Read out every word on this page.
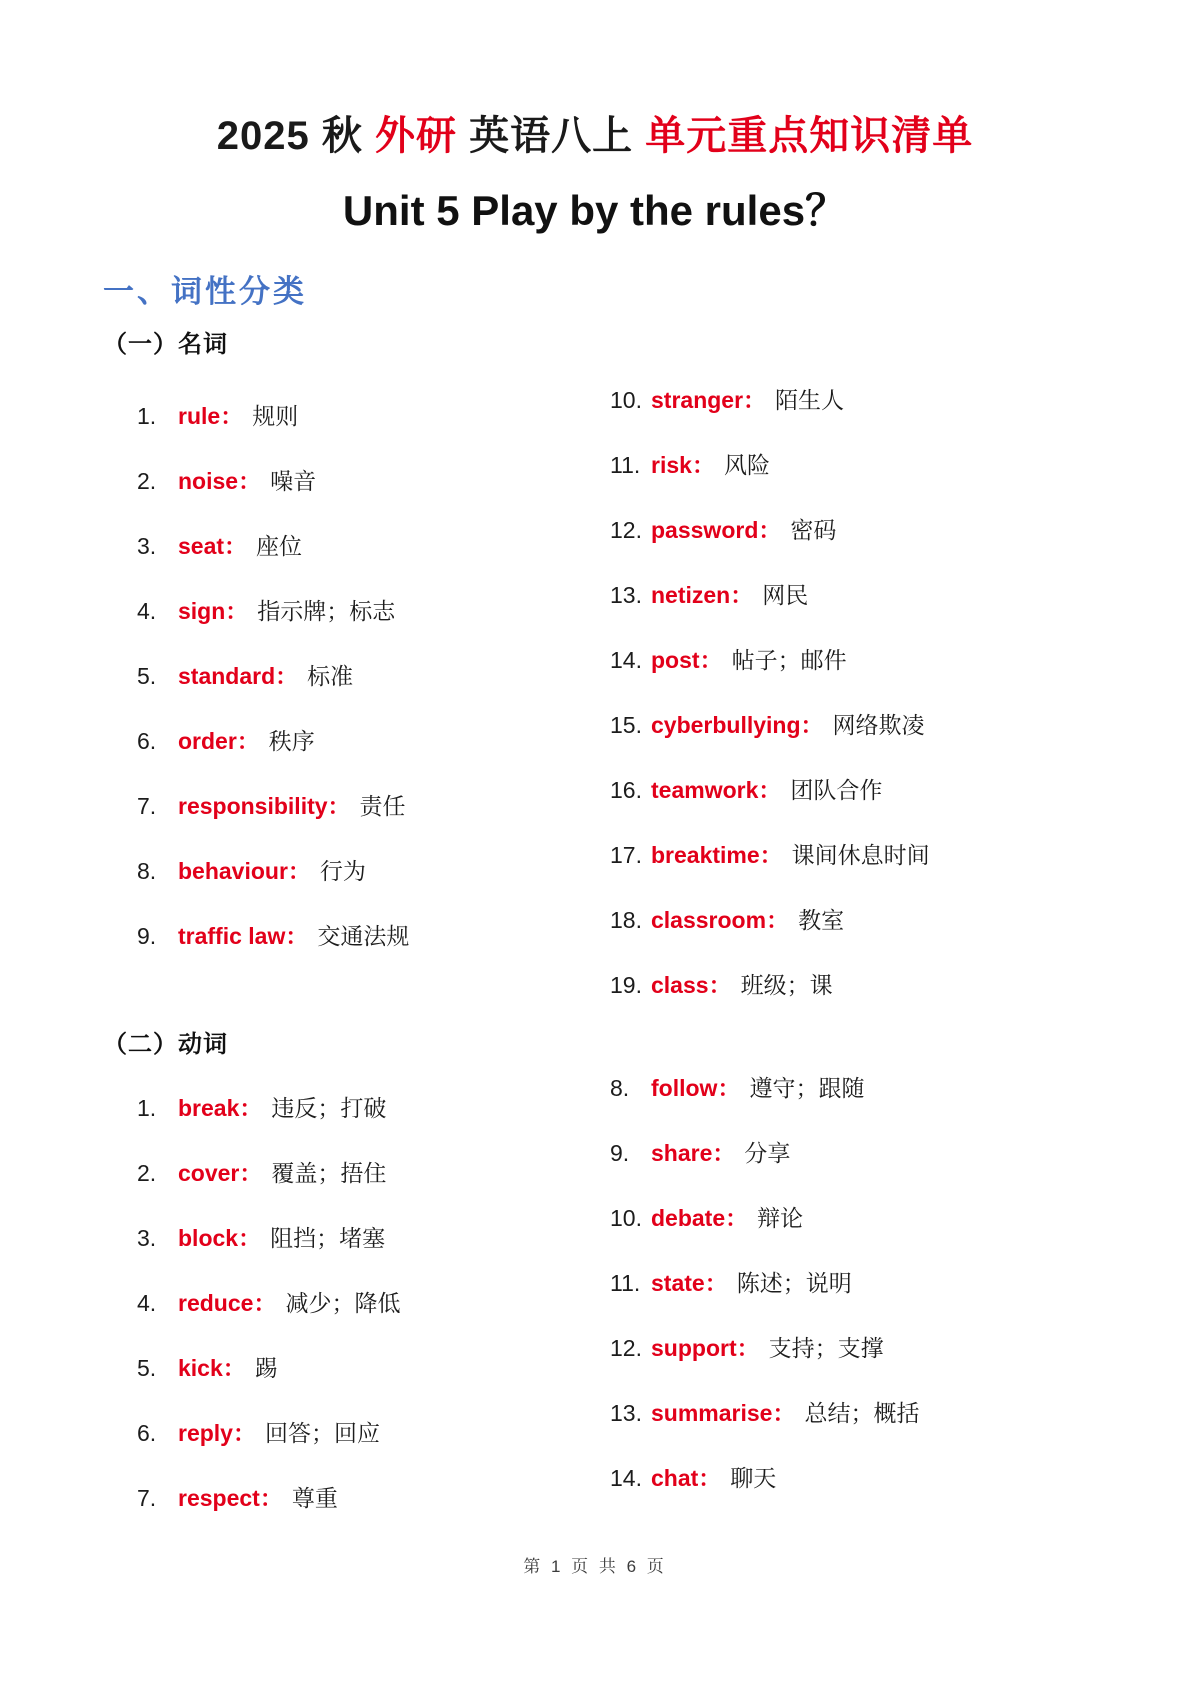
2025 秋 外研 英语八上 单元重点知识清单
Unit 5 Play by the rules？
一、词性分类
（一）名词
1. rule： 规则
2. noise： 噪音
3. seat： 座位
4. sign： 指示牌；标志
5. standard： 标准
6. order： 秩序
7. responsibility： 责任
8. behaviour： 行为
9. traffic law： 交通法规
10. stranger： 陌生人
11. risk： 风险
12. password： 密码
13. netizen： 网民
14. post： 帖子；邮件
15. cyberbullying： 网络欺凌
16. teamwork： 团队合作
17. breaktime： 课间休息时间
18. classroom： 教室
19. class： 班级；课
（二）动词
1. break： 违反；打破
2. cover： 覆盖；捂住
3. block： 阻挡；堵塞
4. reduce： 减少；降低
5. kick： 踢
6. reply： 回答；回应
7. respect： 尊重
8. follow： 遵守；跟随
9. share： 分享
10. debate： 辩论
11. state： 陈述；说明
12. support： 支持；支撑
13. summarise： 总结；概括
14. chat： 聊天
第 1 页 共 6 页
